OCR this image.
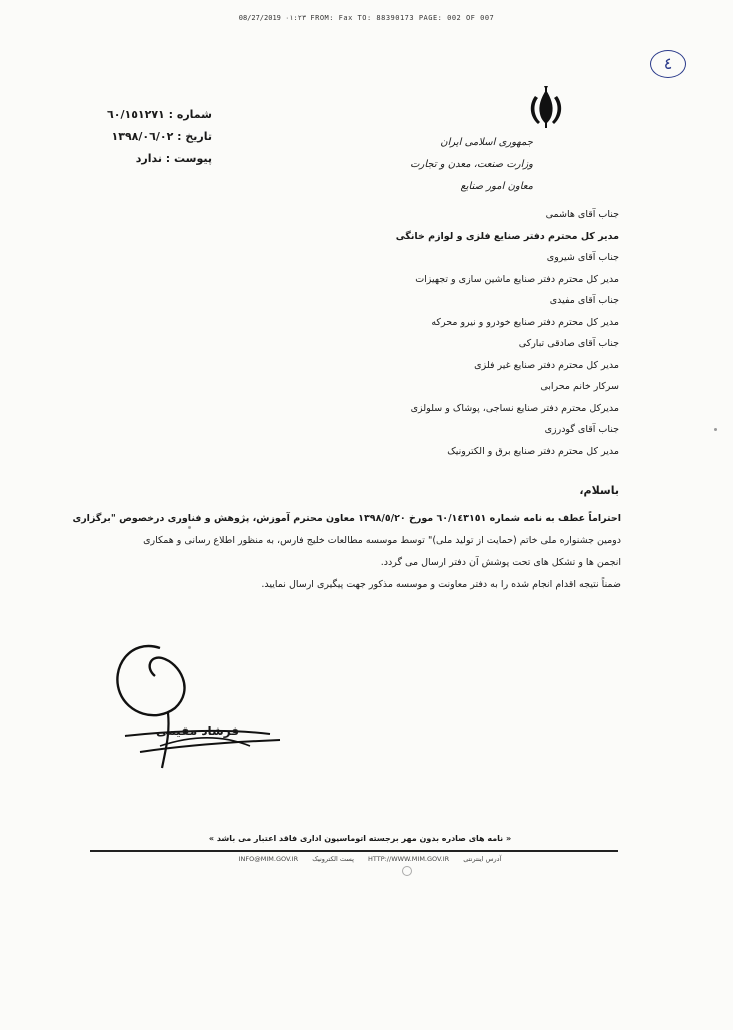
08/27/2019 ٠١:٢٣ FROM: Fax TO: 88390173 PAGE: 002 OF 007
٤
شماره : ٦٠/١٥١٢٧١
تاریخ : ١٣٩٨/٠٦/٠٢
پیوست : ندارد
جمهوری اسلامی ایران
وزارت صنعت، معدن و تجارت
معاون امور صنایع
جناب آقای هاشمی
مدیر کل محترم دفتر صنایع فلزی و لوازم خانگی
جناب آقای شیروی
مدیر کل محترم دفتر صنایع ماشین سازی و تجهیزات
جناب آقای مفیدی
مدیر کل محترم دفتر صنایع خودرو و نیرو محرکه
جناب آقای صادقی تبارکی
مدیر کل محترم دفتر صنایع غیر فلزی
سرکار خانم محرابی
مدیرکل محترم دفتر صنایع نساجی، پوشاک و سلولزی
جناب آقای گودرزی
مدیر کل محترم دفتر صنایع برق و الکترونیک
باسلام،

احتراماً عطف به نامه شماره ٦٠/١٤٣١٥١ مورخ ١٣٩٨/٥/٢٠ معاون محترم آموزش، پژوهش و فناوری درخصوص "برگزاری

دومین جشنواره ملی خاتم (حمایت از تولید ملی)" توسط موسسه مطالعات خلیج فارس، به منظور اطلاع رسانی و همکاری

انجمن ها و تشکل های تحت پوشش آن دفتر ارسال می گردد.

ضمناً نتیجه اقدام انجام شده را به دفتر معاونت و موسسه مذکور جهت پیگیری ارسال نمایید.

فرشاد مقیمی
« نامه های صادره بدون مهر برجسته اتوماسیون اداری فاقد اعتبار می باشد »
INFO@MIM.GOV.IR پست الکترونیک HTTP://WWW.MIM.GOV.IR آدرس اینترنتی
